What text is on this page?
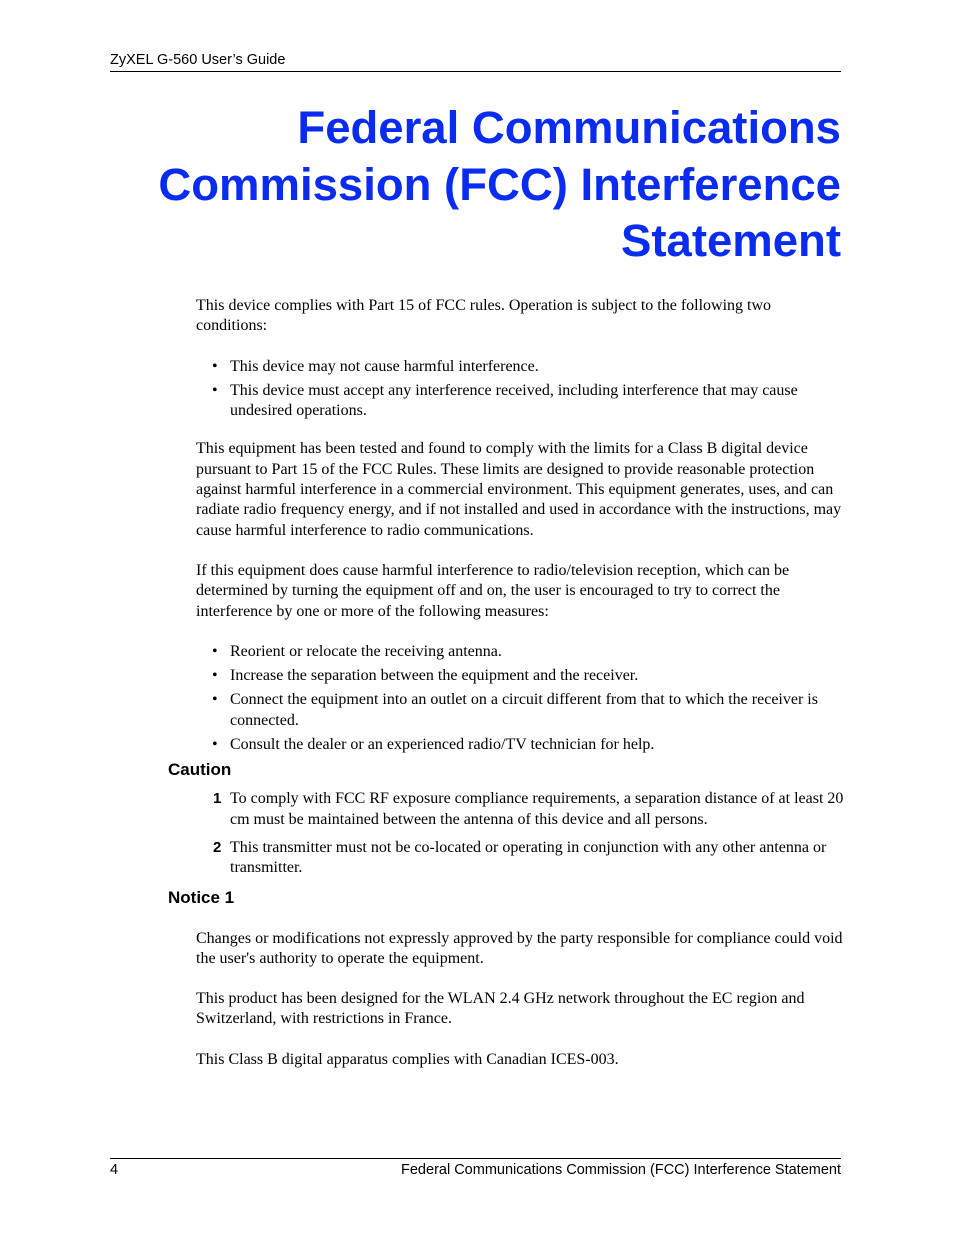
ZyXEL G-560 User’s Guide
Federal Communications
Commission (FCC) Interference
Statement

This device complies with Part 15 of FCC rules. Operation is subject to the following two conditions:

• This device may not cause harmful interference.
• This device must accept any interference received, including interference that may cause undesired operations.

This equipment has been tested and found to comply with the limits for a Class B digital device pursuant to Part 15 of the FCC Rules. These limits are designed to provide reasonable protection against harmful interference in a commercial environment. This equipment generates, uses, and can radiate radio frequency energy, and if not installed and used in accordance with the instructions, may cause harmful interference to radio communications.

If this equipment does cause harmful interference to radio/television reception, which can be determined by turning the equipment off and on, the user is encouraged to try to correct the interference by one or more of the following measures:

• Reorient or relocate the receiving antenna.
• Increase the separation between the equipment and the receiver.
• Connect the equipment into an outlet on a circuit different from that to which the receiver is connected.
• Consult the dealer or an experienced radio/TV technician for help.

Caution

1 To comply with FCC RF exposure compliance requirements, a separation distance of at least 20 cm must be maintained between the antenna of this device and all persons.
2 This transmitter must not be co-located or operating in conjunction with any other antenna or transmitter.

Notice 1

Changes or modifications not expressly approved by the party responsible for compliance could void the user's authority to operate the equipment.

This product has been designed for the WLAN 2.4 GHz network throughout the EC region and Switzerland, with restrictions in France.

This Class B digital apparatus complies with Canadian ICES-003.

4	Federal Communications Commission (FCC) Interference Statement
